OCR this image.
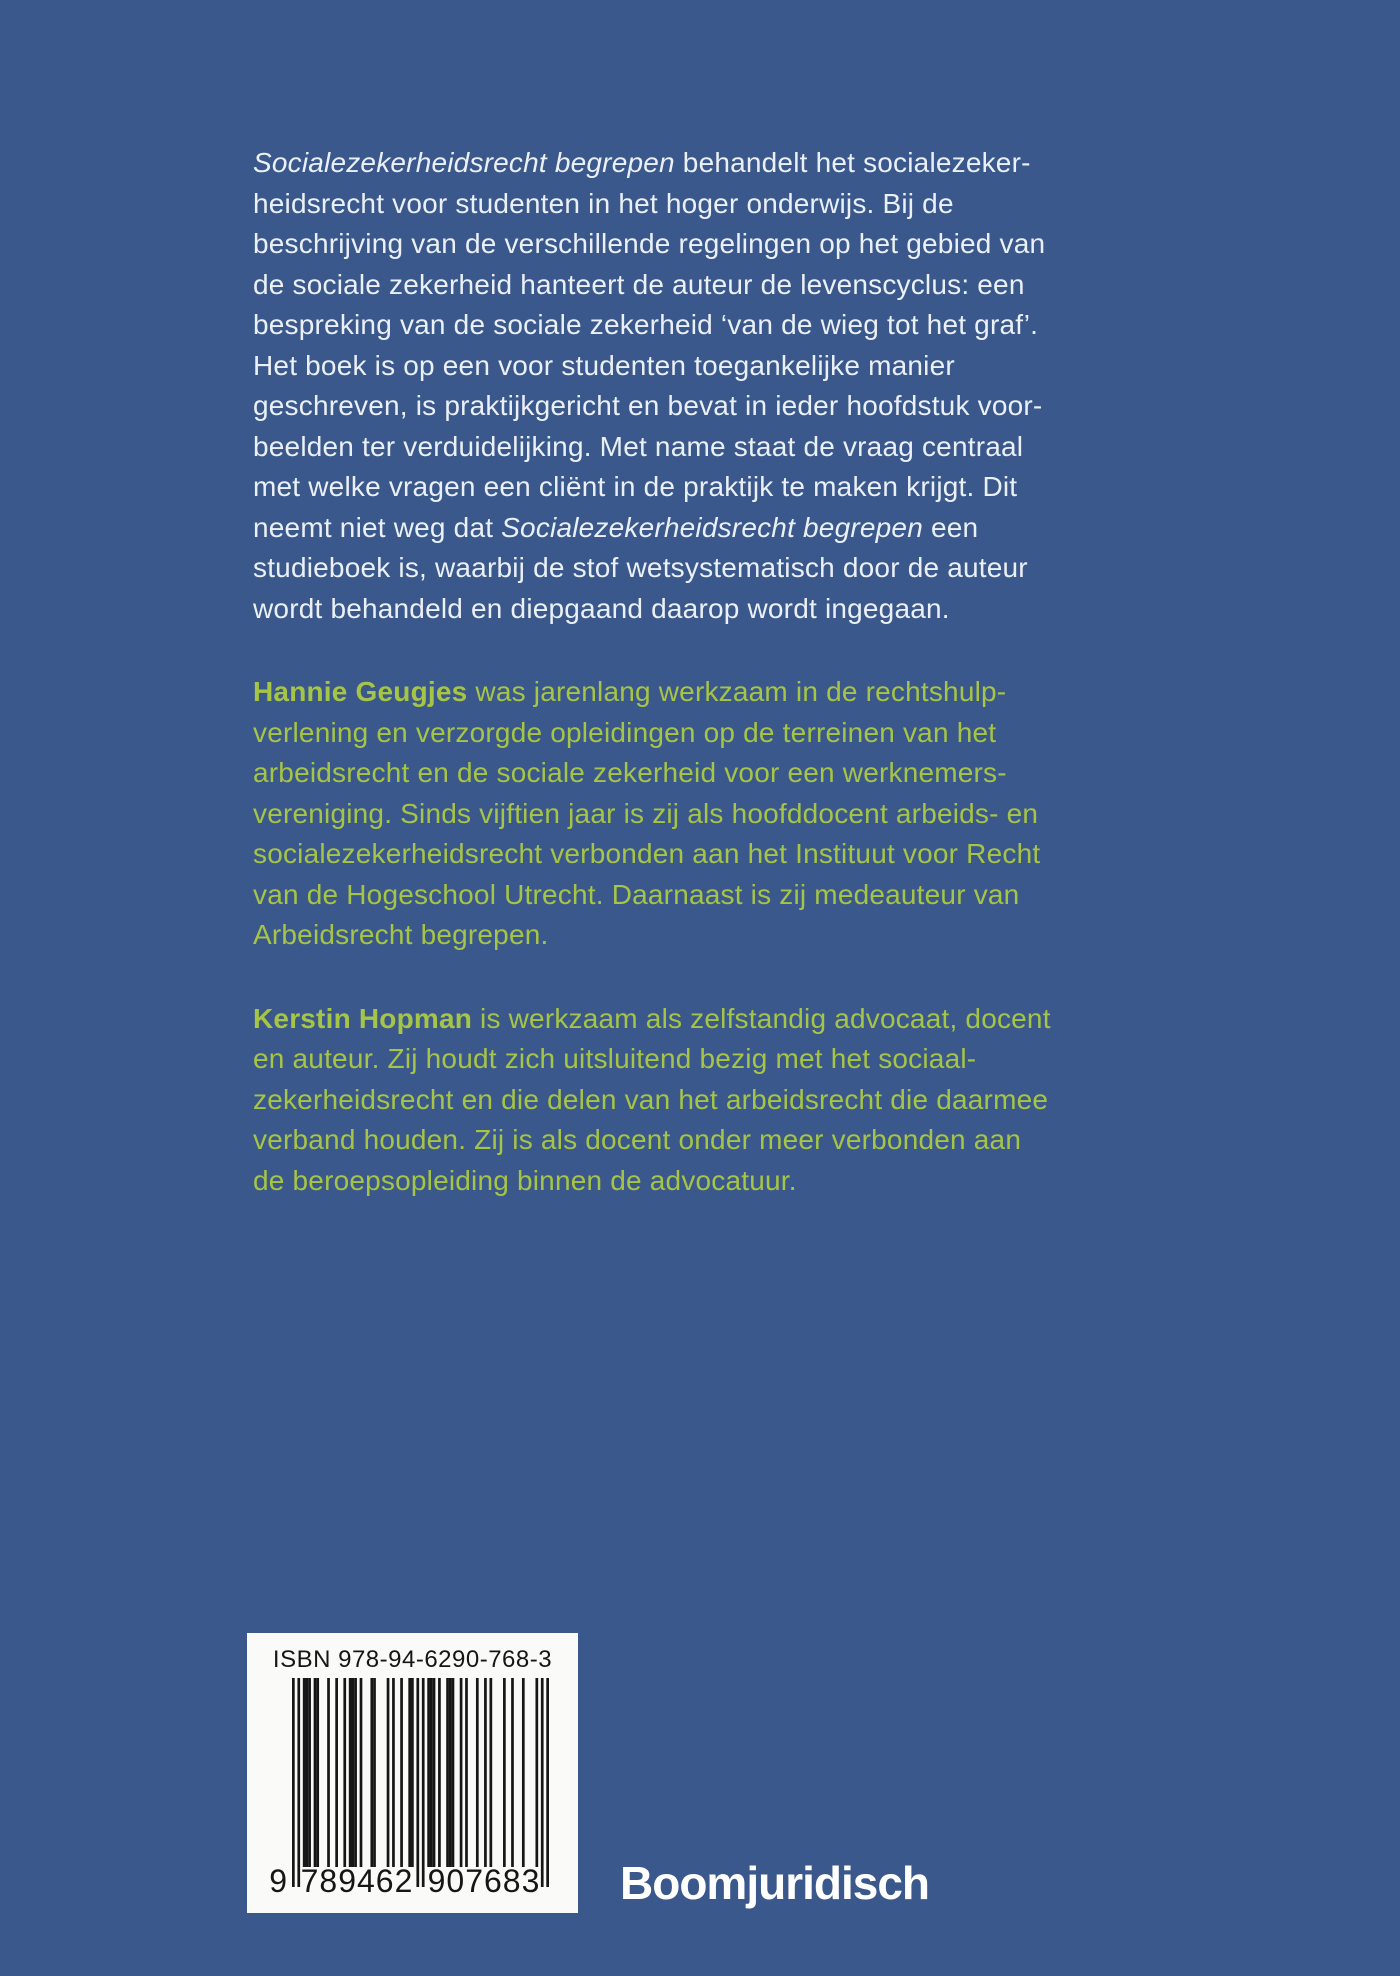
Socialezekerheidsrecht begrepen behandelt het socialezeker-
heidsrecht voor studenten in het hoger onderwijs. Bij de
beschrijving van de verschillende regelingen op het gebied van
de sociale zekerheid hanteert de auteur de levenscyclus: een
bespreking van de sociale zekerheid ‘van de wieg tot het graf’.
Het boek is op een voor studenten toegankelijke manier
geschreven, is praktijkgericht en bevat in ieder hoofdstuk voor-
beelden ter verduidelijking. Met name staat de vraag centraal
met welke vragen een cliënt in de praktijk te maken krijgt. Dit
neemt niet weg dat Socialezekerheidsrecht begrepen een
studieboek is, waarbij de stof wetsystematisch door de auteur
wordt behandeld en diepgaand daarop wordt ingegaan.
Hannie Geugjes was jarenlang werkzaam in de rechtshulp-
verlening en verzorgde opleidingen op de terreinen van het
arbeidsrecht en de sociale zekerheid voor een werknemers-
vereniging. Sinds vijftien jaar is zij als hoofddocent arbeids- en
socialezekerheidsrecht verbonden aan het Instituut voor Recht
van de Hogeschool Utrecht. Daarnaast is zij medeauteur van
Arbeidsrecht begrepen.
Kerstin Hopman is werkzaam als zelfstandig advocaat, docent
en auteur. Zij houdt zich uitsluitend bezig met het sociaal-
zekerheidsrecht en die delen van het arbeidsrecht die daarmee
verband houden. Zij is als docent onder meer verbonden aan
de beroepsopleiding binnen de advocatuur.
ISBN 978-94-6290-768-3
9 789462 907683 Boomjuridisch
